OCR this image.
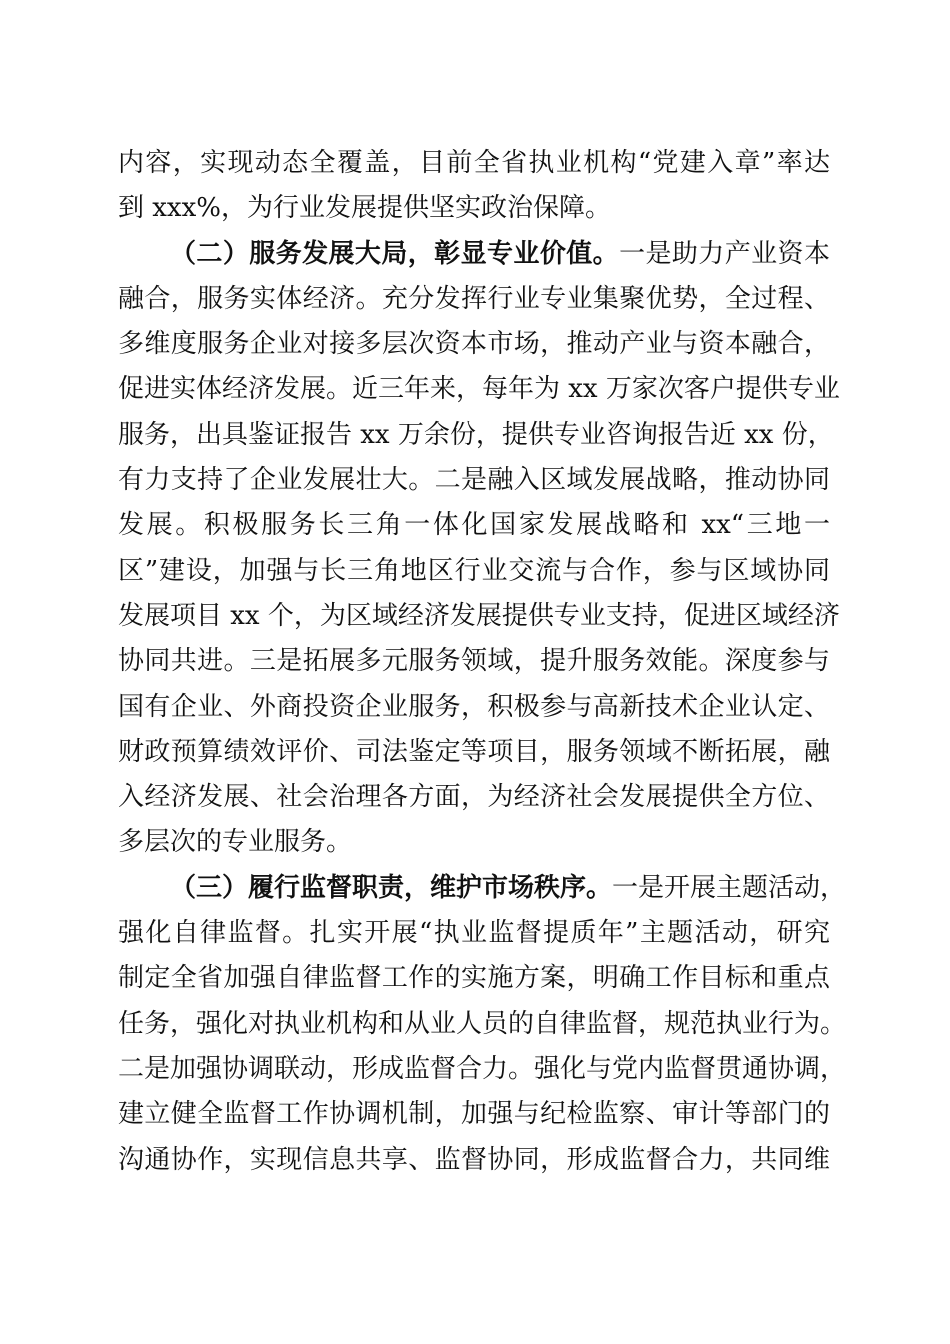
内容，实现动态全覆盖，目前全省执业机构“党建入章”率达
到 xxx%，为行业发展提供坚实政治保障。
（二）服务发展大局，彰显专业价值。一是助力产业资本
融合，服务实体经济。充分发挥行业专业集聚优势，全过程、
多维度服务企业对接多层次资本市场，推动产业与资本融合，
促进实体经济发展。近三年来，每年为 xx 万家次客户提供专业
服务，出具鉴证报告 xx 万余份，提供专业咨询报告近 xx 份，
有力支持了企业发展壮大。二是融入区域发展战略，推动协同
发展。积极服务长三角一体化国家发展战略和 xx“三地一
区”建设，加强与长三角地区行业交流与合作，参与区域协同
发展项目 xx 个，为区域经济发展提供专业支持，促进区域经济
协同共进。三是拓展多元服务领域，提升服务效能。深度参与
国有企业、外商投资企业服务，积极参与高新技术企业认定、
财政预算绩效评价、司法鉴定等项目，服务领域不断拓展，融
入经济发展、社会治理各方面，为经济社会发展提供全方位、
多层次的专业服务。
（三）履行监督职责，维护市场秩序。一是开展主题活动，
强化自律监督。扎实开展“执业监督提质年”主题活动，研究
制定全省加强自律监督工作的实施方案，明确工作目标和重点
任务，强化对执业机构和从业人员的自律监督，规范执业行为。
二是加强协调联动，形成监督合力。强化与党内监督贯通协调，
建立健全监督工作协调机制，加强与纪检监察、审计等部门的
沟通协作，实现信息共享、监督协同，形成监督合力，共同维
